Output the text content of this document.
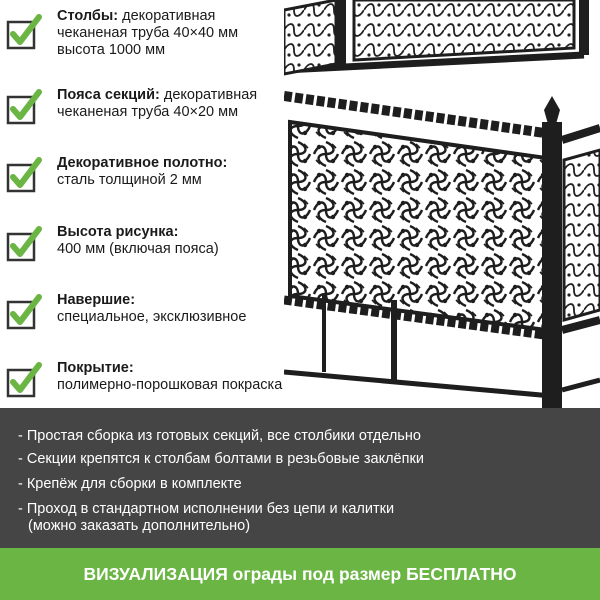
Столбы: декоративная
чеканеная труба 40×40 мм
высота 1000 мм
Пояса секций: декоративная
чеканеная труба 40×20 мм
Декоративное полотно:
сталь толщиной 2 мм
Высота рисунка:
400 мм (включая пояса)
Навершие:
специальное, эксклюзивное
Покрытие:
полимерно-порошковая покраска
- Простая сборка из готовых секций, все столбики отдельно
- Секции крепятся к столбам болтами в резьбовые заклёпки
- Крепёж для сборки в комплекте
- Проход в стандартном исполнении без цепи и калитки
(можно заказать дополнительно)
ВИЗУАЛИЗАЦИЯ ограды под размер БЕСПЛАТНО
